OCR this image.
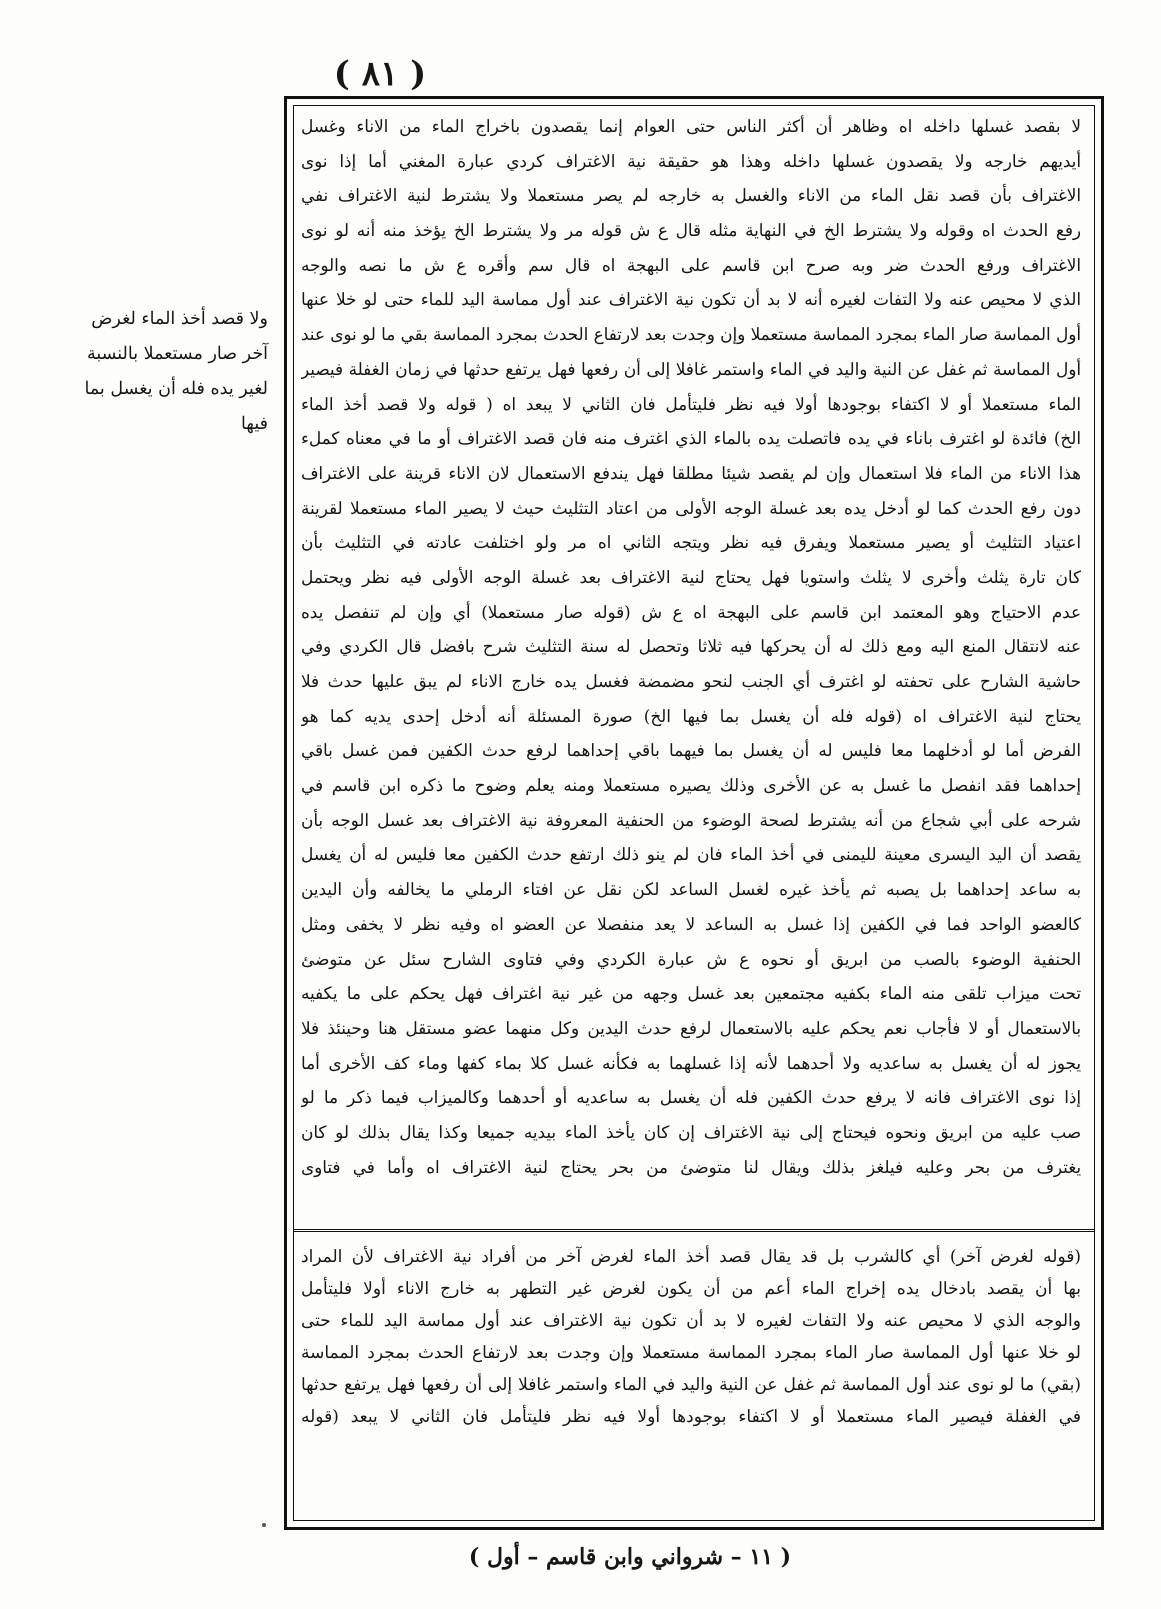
( ٨١ )
ولا قصد أخذ الماء لغرض
آخر صار مستعملا بالنسبة
لغير يده فله أن يغسل بما
فيها
لا بقصد غسلها داخله اه وظاهر أن أكثر الناس حتى العوام إنما يقصدون باخراج الماء من الاناء وغسل
أيديهم خارجه ولا يقصدون غسلها داخله وهذا هو حقيقة نية الاغتراف كردي عبارة المغني أما إذا نوى
الاغتراف بأن قصد نقل الماء من الاناء والغسل به خارجه لم يصر مستعملا ولا يشترط لنية الاغتراف نفي
رفع الحدث اه وقوله ولا يشترط الخ في النهاية مثله قال ع ش قوله مر ولا يشترط الخ يؤخذ منه أنه لو نوى
الاغتراف ورفع الحدث ضر وبه صرح ابن قاسم على البهجة اه قال سم وأقره ع ش ما نصه والوجه
الذي لا محيص عنه ولا التفات لغيره أنه لا بد أن تكون نية الاغتراف عند أول مماسة اليد للماء حتى لو خلا عنها
أول المماسة صار الماء بمجرد المماسة مستعملا وإن وجدت بعد لارتفاع الحدث بمجرد المماسة بقي ما لو نوى عند
أول المماسة ثم غفل عن النية واليد في الماء واستمر غافلا إلى أن رفعها فهل يرتفع حدثها في زمان الغفلة فيصير
الماء مستعملا أو لا اكتفاء بوجودها أولا فيه نظر فليتأمل فان الثاني لا يبعد اه ( قوله ولا قصد أخذ الماء
الخ) فائدة لو اغترف باناء في يده فاتصلت يده بالماء الذي اغترف منه فان قصد الاغتراف أو ما في معناه كملء
هذا الاناء من الماء فلا استعمال وإن لم يقصد شيئا مطلقا فهل يندفع الاستعمال لان الاناء قرينة على الاغتراف
دون رفع الحدث كما لو أدخل يده بعد غسلة الوجه الأولى من اعتاد التثليث حيث لا يصير الماء مستعملا لقرينة
اعتياد التثليث أو يصير مستعملا ويفرق فيه نظر ويتجه الثاني اه مر ولو اختلفت عادته في التثليث بأن
كان تارة يثلث وأخرى لا يثلث واستويا فهل يحتاج لنية الاغتراف بعد غسلة الوجه الأولى فيه نظر ويحتمل
عدم الاحتياج وهو المعتمد ابن قاسم على البهجة اه ع ش (قوله صار مستعملا) أي وإن لم تنفصل يده
عنه لانتقال المنع اليه ومع ذلك له أن يحركها فيه ثلاثا وتحصل له سنة التثليث شرح بافضل قال الكردي وفي
حاشية الشارح على تحفته لو اغترف أي الجنب لنحو مضمضة فغسل يده خارج الاناء لم يبق عليها حدث فلا
يحتاج لنية الاغتراف اه (قوله فله أن يغسل بما فيها الخ) صورة المسئلة أنه أدخل إحدى يديه كما هو
الفرض أما لو أدخلهما معا فليس له أن يغسل بما فيهما باقي إحداهما لرفع حدث الكفين فمن غسل باقي
إحداهما فقد انفصل ما غسل به عن الأخرى وذلك يصيره مستعملا ومنه يعلم وضوح ما ذكره ابن قاسم في
شرحه على أبي شجاع من أنه يشترط لصحة الوضوء من الحنفية المعروفة نية الاغتراف بعد غسل الوجه بأن
يقصد أن اليد اليسرى معينة لليمنى في أخذ الماء فان لم ينو ذلك ارتفع حدث الكفين معا فليس له أن يغسل
به ساعد إحداهما بل يصبه ثم يأخذ غيره لغسل الساعد لكن نقل عن افتاء الرملي ما يخالفه وأن اليدين
كالعضو الواحد فما في الكفين إذا غسل به الساعد لا يعد منفصلا عن العضو اه وفيه نظر لا يخفى ومثل
الحنفية الوضوء بالصب من ابريق أو نحوه ع ش عبارة الكردي وفي فتاوى الشارح سئل عن متوضئ
تحت ميزاب تلقى منه الماء بكفيه مجتمعين بعد غسل وجهه من غير نية اغتراف فهل يحكم على ما يكفيه
بالاستعمال أو لا فأجاب نعم يحكم عليه بالاستعمال لرفع حدث اليدين وكل منهما عضو مستقل هنا وحينئذ فلا
يجوز له أن يغسل به ساعديه ولا أحدهما لأنه إذا غسلهما به فكأنه غسل كلا بماء كفها وماء كف الأخرى أما
إذا نوى الاغتراف فانه لا يرفع حدث الكفين فله أن يغسل به ساعديه أو أحدهما وكالميزاب فيما ذكر ما لو
صب عليه من ابريق ونحوه فيحتاج إلى نية الاغتراف إن كان يأخذ الماء بيديه جميعا وكذا يقال بذلك لو كان
يغترف من بحر وعليه فيلغز بذلك ويقال لنا متوضئ من بحر يحتاج لنية الاغتراف اه وأما في فتاوى
(قوله لغرض آخر) أي كالشرب بل قد يقال قصد أخذ الماء لغرض آخر من أفراد نية الاغتراف لأن المراد
بها أن يقصد بادخال يده إخراج الماء أعم من أن يكون لغرض غير التطهر به خارج الاناء أولا فليتأمل
والوجه الذي لا محيص عنه ولا التفات لغيره لا بد أن تكون نية الاغتراف عند أول مماسة اليد للماء حتى
لو خلا عنها أول المماسة صار الماء بمجرد المماسة مستعملا وإن وجدت بعد لارتفاع الحدث بمجرد المماسة
(بقي) ما لو نوى عند أول المماسة ثم غفل عن النية واليد في الماء واستمر غافلا إلى أن رفعها فهل يرتفع حدثها
في الغفلة فيصير الماء مستعملا أو لا اكتفاء بوجودها أولا فيه نظر فليتأمل فان الثاني لا يبعد (قوله
( ١١ – شرواني وابن قاسم – أول )
